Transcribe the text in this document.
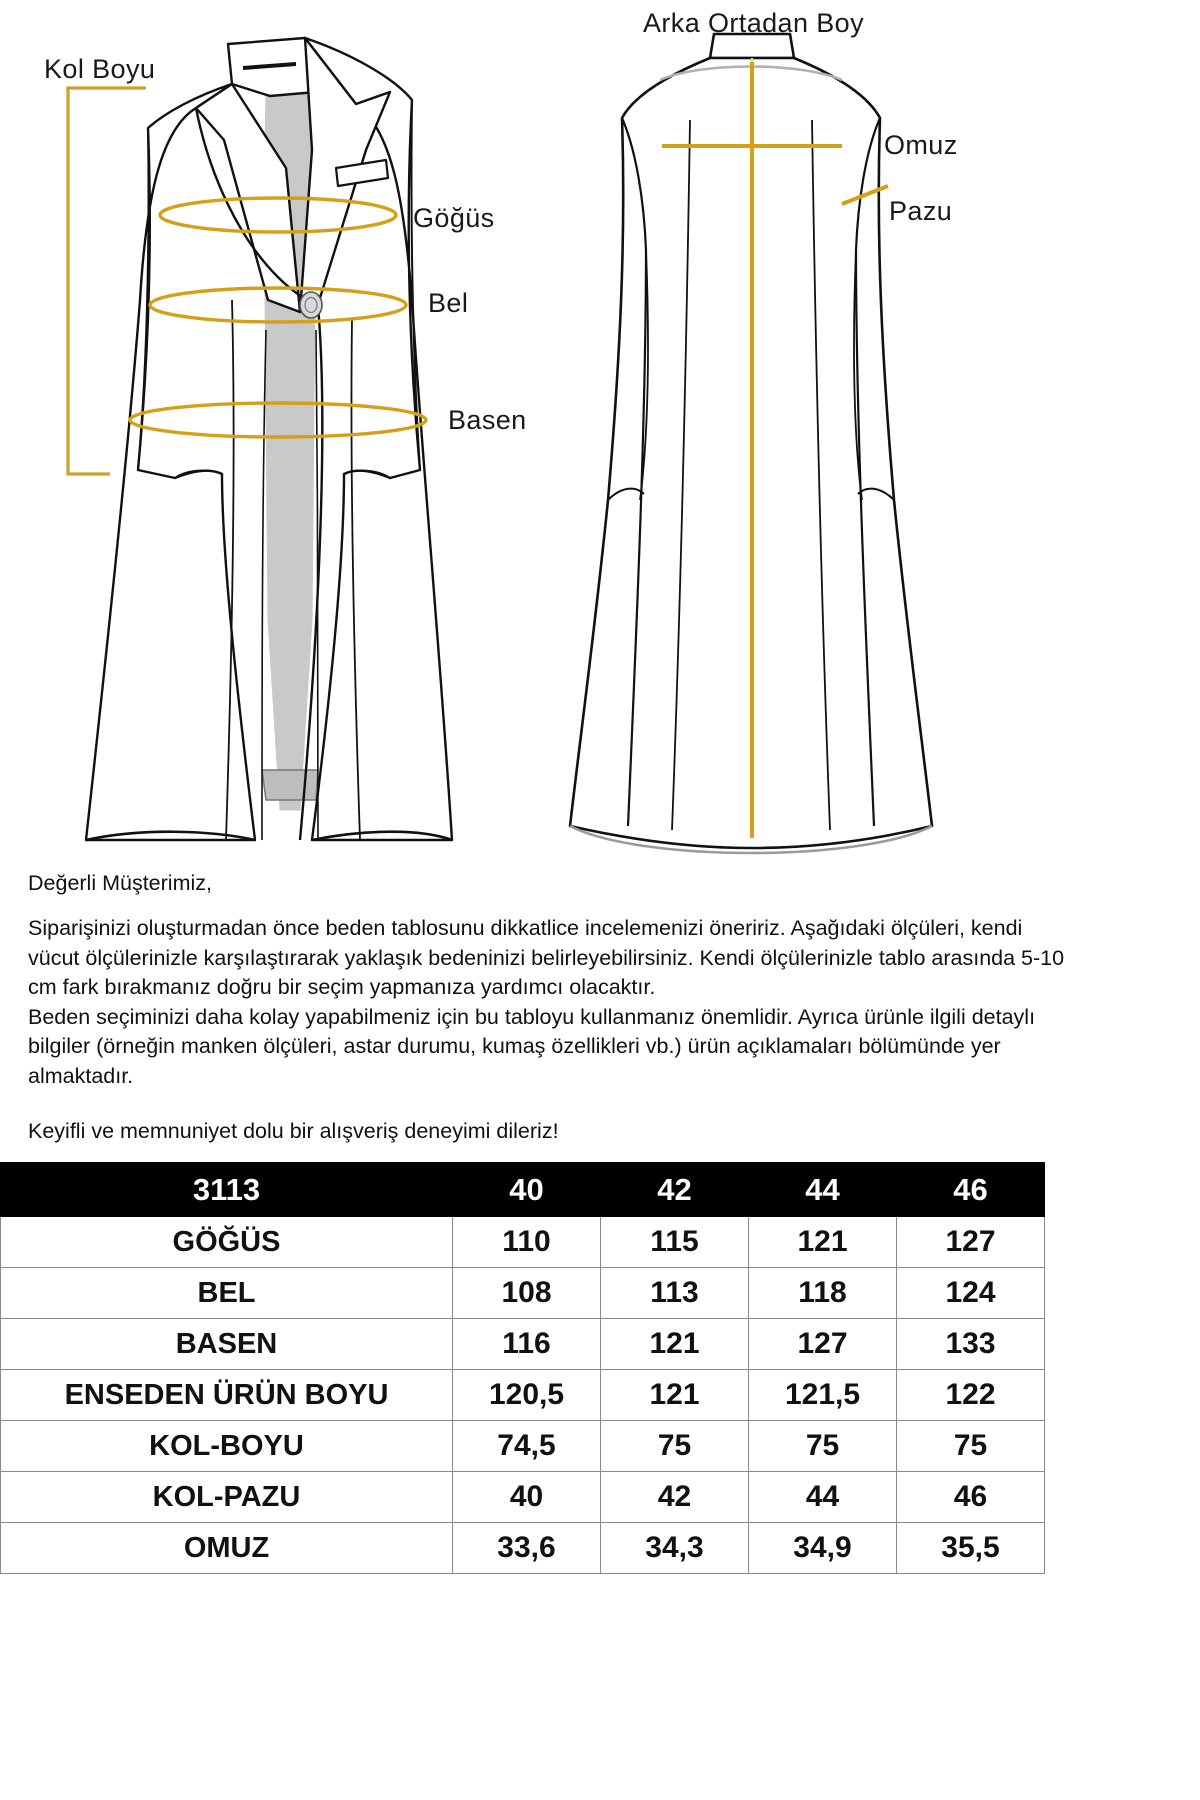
Kol Boyu
Göğüs
Bel
Basen
Arka Ortadan Boy
Omuz
Pazu

Değerli Müşterimiz,

Siparişinizi oluşturmadan önce beden tablosunu dikkatlice incelemenizi öneririz. Aşağıdaki ölçüleri, kendi vücut ölçülerinizle karşılaştırarak yaklaşık bedeninizi belirleyebilirsiniz. Kendi ölçülerinizle tablo arasında 5-10 cm fark bırakmanız doğru bir seçim yapmanıza yardımcı olacaktır.

Beden seçiminizi daha kolay yapabilmeniz için bu tabloyu kullanmanız önemlidir. Ayrıca ürünle ilgili detaylı bilgiler (örneğin manken ölçüleri, astar durumu, kumaş özellikleri vb.) ürün açıklamaları bölümünde yer almaktadır.

Keyifli ve memnuniyet dolu bir alışveriş deneyimi dileriz!

3113	40	42	44	46
GÖĞÜS	110	115	121	127
BEL	108	113	118	124
BASEN	116	121	127	133
ENSEDEN ÜRÜN BOYU	120,5	121	121,5	122
KOL-BOYU	74,5	75	75	75
KOL-PAZU	40	42	44	46
OMUZ	33,6	34,3	34,9	35,5
